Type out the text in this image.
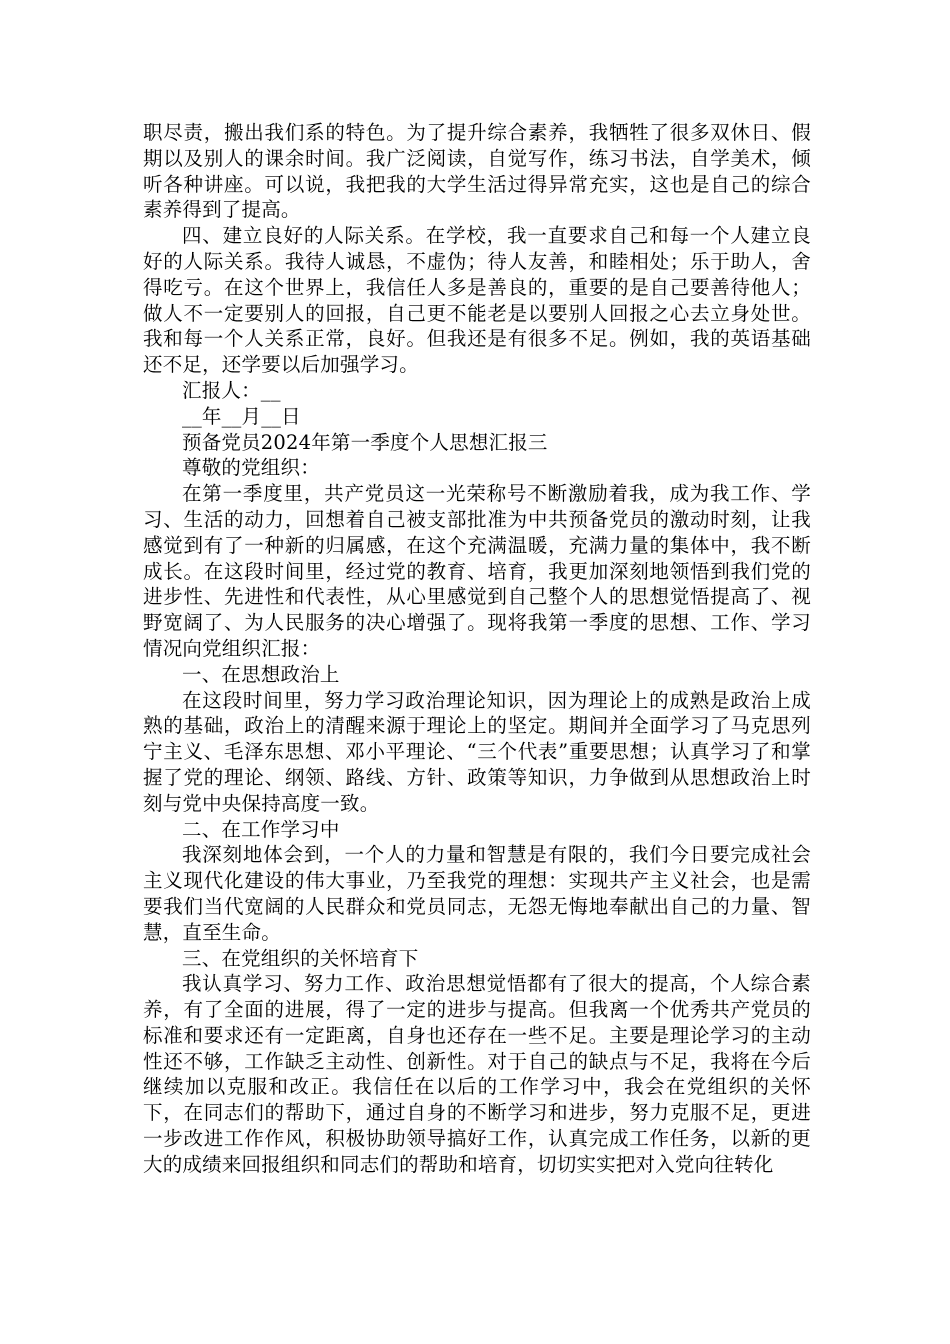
职尽责，搬出我们系的特色。为了提升综合素养，我牺牲了很多双休日、假期以及别人的课余时间。我广泛阅读，自觉写作，练习书法，自学美术，倾听各种讲座。可以说，我把我的大学生活过得异常充实，这也是自己的综合素养得到了提高。

四、建立良好的人际关系。在学校，我一直要求自己和每一个人建立良好的人际关系。我待人诚恳，不虚伪；待人友善，和睦相处；乐于助人，舍得吃亏。在这个世界上，我信任人多是善良的，重要的是自己要善待他人；做人不一定要别人的回报，自己更不能老是以要别人回报之心去立身处世。我和每一个人关系正常，良好。但我还是有很多不足。例如，我的英语基础还不足，还学要以后加强学习。

汇报人：__

__年__月__日

预备党员2024年第一季度个人思想汇报三

尊敬的党组织：

在第一季度里，共产党员这一光荣称号不断激励着我，成为我工作、学习、生活的动力，回想着自己被支部批准为中共预备党员的激动时刻，让我感觉到有了一种新的归属感，在这个充满温暖，充满力量的集体中，我不断成长。在这段时间里，经过党的教育、培育，我更加深刻地领悟到我们党的进步性、先进性和代表性，从心里感觉到自己整个人的思想觉悟提高了、视野宽阔了、为人民服务的决心增强了。现将我第一季度的思想、工作、学习情况向党组织汇报：

一、在思想政治上

在这段时间里，努力学习政治理论知识，因为理论上的成熟是政治上成熟的基础，政治上的清醒来源于理论上的坚定。期间并全面学习了马克思列宁主义、毛泽东思想、邓小平理论、“三个代表”重要思想；认真学习了和掌握了党的理论、纲领、路线、方针、政策等知识，力争做到从思想政治上时刻与党中央保持高度一致。

二、在工作学习中

我深刻地体会到，一个人的力量和智慧是有限的，我们今日要完成社会主义现代化建设的伟大事业，乃至我党的理想：实现共产主义社会，也是需要我们当代宽阔的人民群众和党员同志，无怨无悔地奉献出自己的力量、智慧，直至生命。

三、在党组织的关怀培育下

我认真学习、努力工作、政治思想觉悟都有了很大的提高，个人综合素养，有了全面的进展，得了一定的进步与提高。但我离一个优秀共产党员的标准和要求还有一定距离，自身也还存在一些不足。主要是理论学习的主动性还不够，工作缺乏主动性、创新性。对于自己的缺点与不足，我将在今后继续加以克服和改正。我信任在以后的工作学习中，我会在党组织的关怀下，在同志们的帮助下，通过自身的不断学习和进步，努力克服不足，更进一步改进工作作风，积极协助领导搞好工作，认真完成工作任务，以新的更大的成绩来回报组织和同志们的帮助和培育，切切实实把对入党向往转化
